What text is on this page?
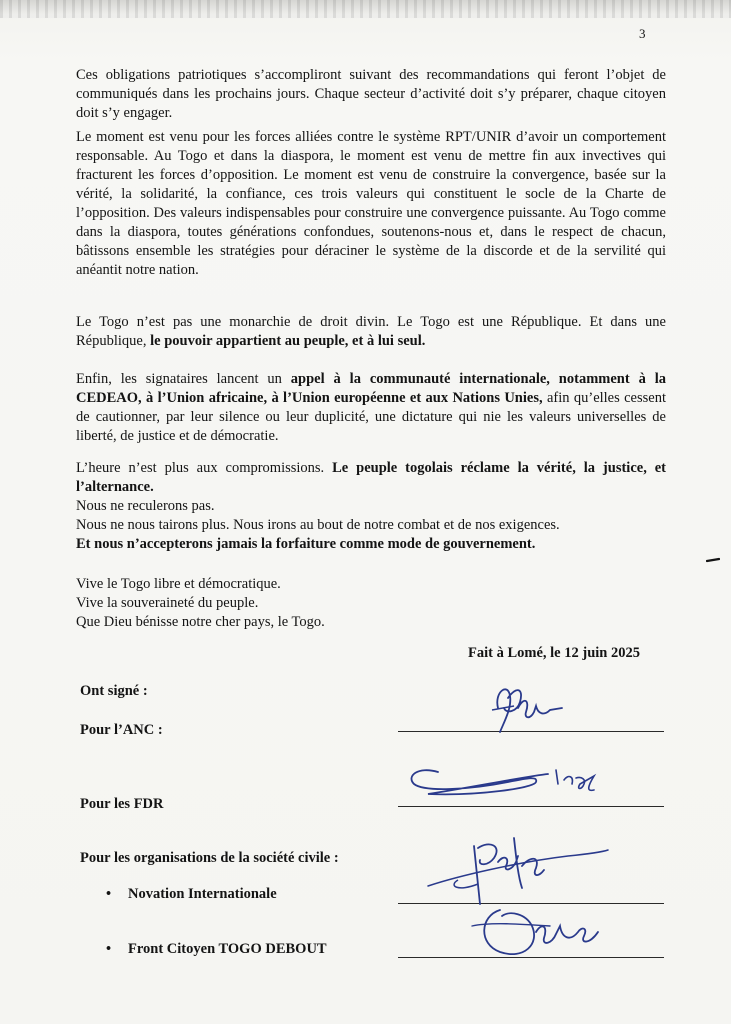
3

Ces obligations patriotiques s’accompliront suivant des recommandations qui feront l’objet de communiqués dans les prochains jours. Chaque secteur d’activité doit s’y préparer, chaque citoyen doit s’y engager.

Le moment est venu pour les forces alliées contre le système RPT/UNIR d’avoir un comportement responsable. Au Togo et dans la diaspora, le moment est venu de mettre fin aux invectives qui fracturent les forces d’opposition. Le moment est venu de construire la convergence, basée sur la vérité, la solidarité, la confiance, ces trois valeurs qui constituent le socle de la Charte de l’opposition. Des valeurs indispensables pour construire une convergence puissante. Au Togo comme dans la diaspora, toutes générations confondues, soutenons-nous et, dans le respect de chacun, bâtissons ensemble les stratégies pour déraciner le système de la discorde et de la servilité qui anéantit notre nation.

Le Togo n’est pas une monarchie de droit divin. Le Togo est une République. Et dans une République, le pouvoir appartient au peuple, et à lui seul.

Enfin, les signataires lancent un appel à la communauté internationale, notamment à la CEDEAO, à l’Union africaine, à l’Union européenne et aux Nations Unies, afin qu’elles cessent de cautionner, par leur silence ou leur duplicité, une dictature qui nie les valeurs universelles de liberté, de justice et de démocratie.

L’heure n’est plus aux compromissions. Le peuple togolais réclame la vérité, la justice, et l’alternance.
Nous ne reculerons pas.
Nous ne nous tairons plus. Nous irons au bout de notre combat et de nos exigences.
Et nous n’accepterons jamais la forfaiture comme mode de gouvernement.

Vive le Togo libre et démocratique.
Vive la souveraineté du peuple.
Que Dieu bénisse notre cher pays, le Togo.

Fait à Lomé, le 12 juin 2025
Ont signé :
Pour l’ANC :
Pour les FDR
Pour les organisations de la société civile :
• Novation Internationale
• Front Citoyen TOGO DEBOUT
